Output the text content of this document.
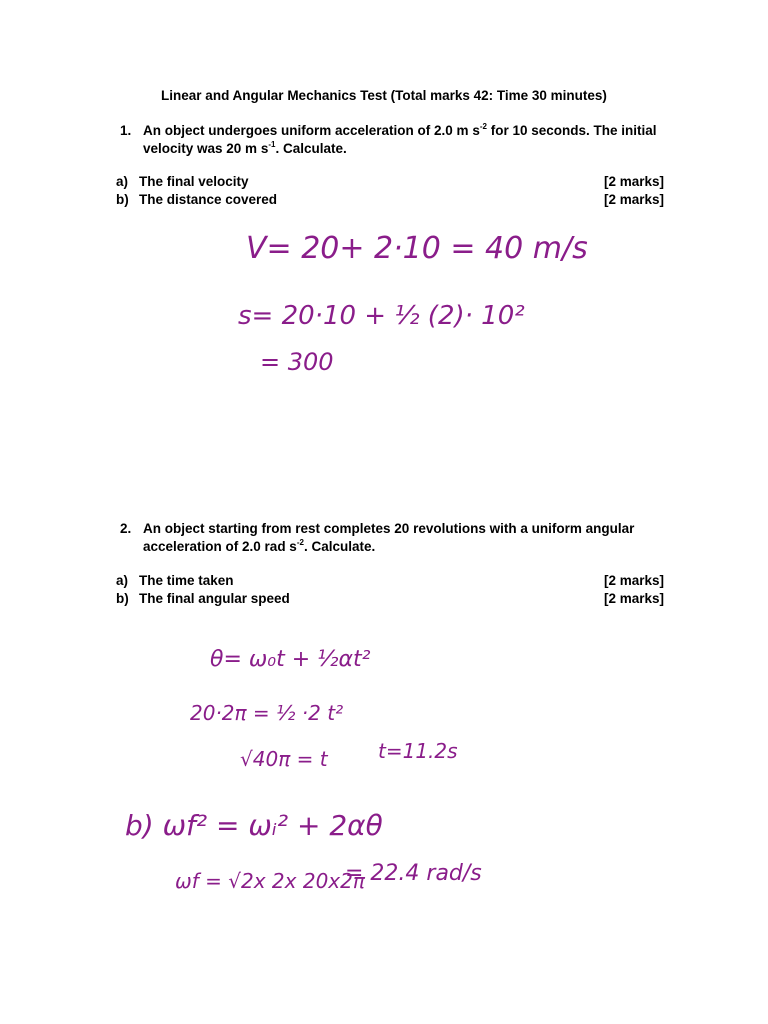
Linear and Angular Mechanics Test (Total marks 42: Time 30 minutes)
1. An object undergoes uniform acceleration of 2.0 m $s^{-2}$ for 10 seconds. The initial
velocity was 20 m $s^{-1}$. Calculate.
a) The final velocity	[2 marks]
b) The distance covered	[2 marks]
2. An object starting from rest completes 20 revolutions with a uniform angular
acceleration of 2.0 rad $s^{-2}$. Calculate.
a) The time taken	[2 marks]
b) The final angular speed	[2 marks]
V= 20+ 2·10 = 40 m/s
s= 20·10 + ½ (2)· 10²
= 300
θ= ω₀t + ½αt²
20·2π = ½ ·2 t²
√40π = t	t=11.2s
b) ωf² = ωᵢ² + 2αθ
ωf = √2x 2x 20x2π
= 22.4 rad/s
